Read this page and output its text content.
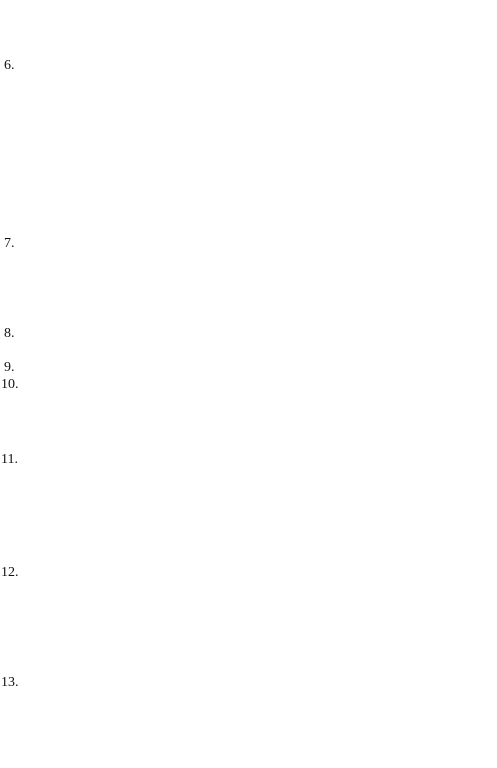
6.
7.
8.
9.
10.
11.
12.
13.
